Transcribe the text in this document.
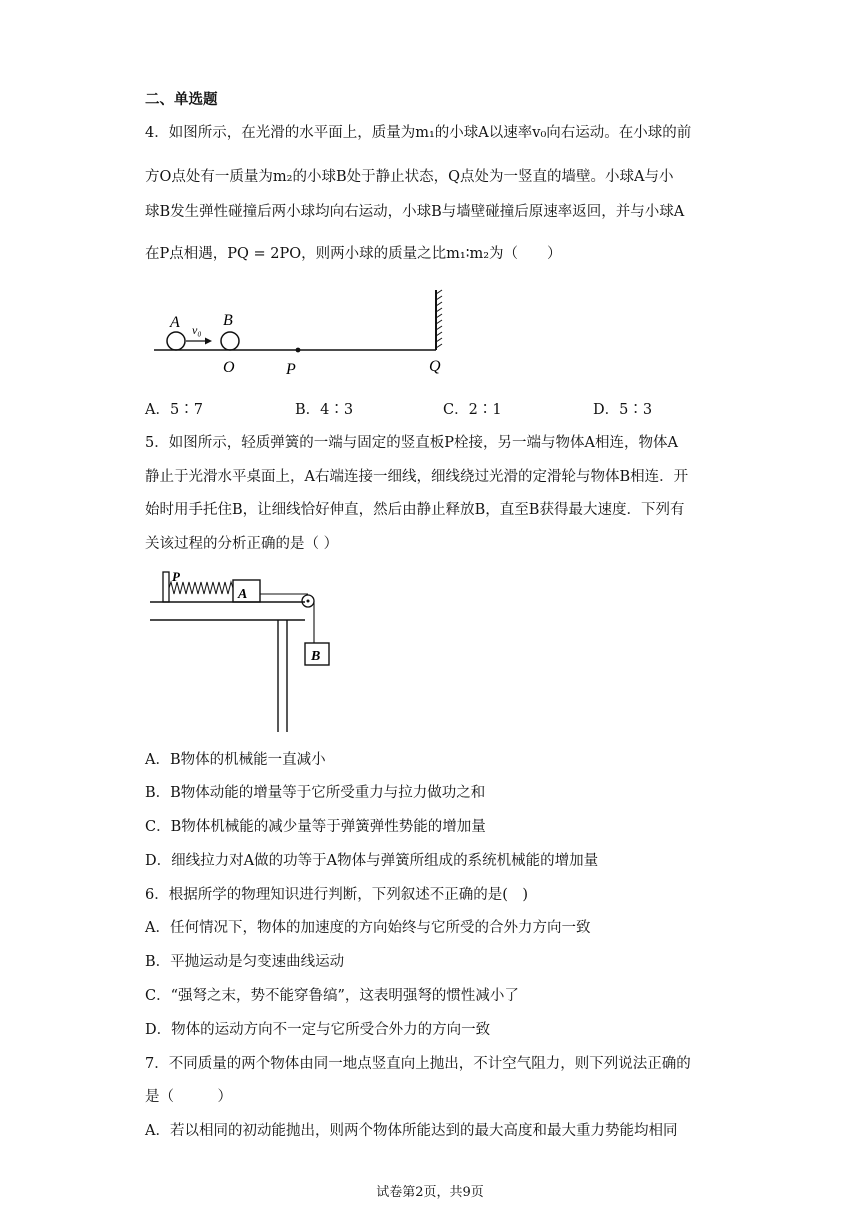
二、单选题
4．如图所示，在光滑的水平面上，质量为m₁的小球A以速率v₀向右运动。在小球的前
方O点处有一质量为m₂的小球B处于静止状态，Q点处为一竖直的墙壁。小球A与小
球B发生弹性碰撞后两小球均向右运动，小球B与墙壁碰撞后原速率返回，并与小球A
在P点相遇，PQ = 2PO，则两小球的质量之比m₁∶m₂为（　　）
A v₀
B
O	P	Q
A．5∶7	B．4∶3	C．2∶1	D．5∶3
5．如图所示，轻质弹簧的一端与固定的竖直板P栓接，另一端与物体A相连，物体A
静止于光滑水平桌面上，A右端连接一细线，细线绕过光滑的定滑轮与物体B相连．开
始时用手托住B，让细线恰好伸直，然后由静止释放B，直至B获得最大速度．下列有
关该过程的分析正确的是（ ）
P
A
B
A．B物体的机械能一直减小
B．B物体动能的增量等于它所受重力与拉力做功之和
C．B物体机械能的减少量等于弹簧弹性势能的增加量
D．细线拉力对A做的功等于A物体与弹簧所组成的系统机械能的增加量
6．根据所学的物理知识进行判断，下列叙述不正确的是(　)
A．任何情况下，物体的加速度的方向始终与它所受的合外力方向一致
B．平抛运动是匀变速曲线运动
C．“强弩之末，势不能穿鲁缟”，这表明强弩的惯性减小了
D．物体的运动方向不一定与它所受合外力的方向一致
7．不同质量的两个物体由同一地点竖直向上抛出，不计空气阻力，则下列说法正确的
是（　　　）
A．若以相同的初动能抛出，则两个物体所能达到的最大高度和最大重力势能均相同
试卷第2页，共9页
